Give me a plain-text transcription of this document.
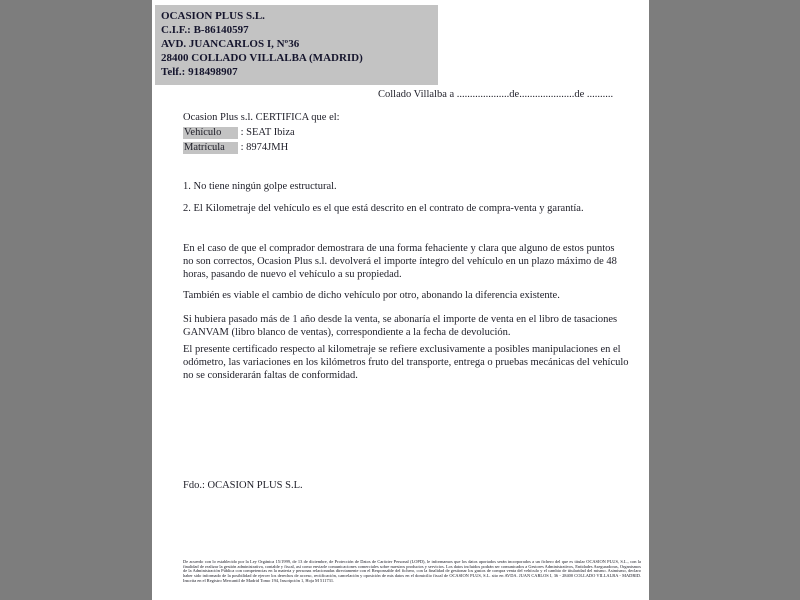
OCASION PLUS S.L.
C.I.F.: B-86140597
AVD. JUANCARLOS I, Nº36
28400 COLLADO VILLALBA (MADRID)
Telf.: 918498907
Collado Villalba a ....................de.....................de ..........
Ocasion Plus s.l. CERTIFICA que el:
Vehículo : SEAT Ibiza
Matrícula : 8974JMH
1. No tiene ningún golpe estructural.
2. El Kilometraje del vehículo es el que está descrito en el contrato de compra-venta y garantía.
En el caso de que el comprador demostrara de una forma fehaciente y clara que alguno de estos puntos no son correctos, Ocasion Plus s.l. devolverá el importe íntegro del vehículo en un plazo máximo de 48 horas, pasando de nuevo el vehículo a su propiedad.
También es viable el cambio de dicho vehículo por otro, abonando la diferencia existente.
Si hubiera pasado más de 1 año desde la venta, se abonaría el importe de venta en el libro de tasaciones GANVAM (libro blanco de ventas), correspondiente a la fecha de devolución.
El presente certificado respecto al kilometraje se refiere exclusivamente a posibles manipulaciones en el odómetro, las variaciones en los kilómetros fruto del transporte, entrega o pruebas mecánicas del vehículo no se considerarán faltas de conformidad.
Fdo.: OCASION PLUS S.L.
De acuerdo con lo establecido por la Ley Orgánica 15/1999, de 13 de diciembre, de Protección de Datos de Carácter Personal (LOPD), le informamos que los datos aportados serán incorporados a un fichero del que es titular OCASION PLUS, S.L., con la finalidad de realizar la gestión administrativa, contable y fiscal, así como enviarle comunicaciones comerciales sobre nuestros productos y servicios. Los datos incluidos podrán ser comunicados a Gestores Administrativos, Entidades Aseguradoras, Organismos de la Administración Pública con competencias en la materia y personas relacionadas directamente con el Responsable del fichero, con la finalidad de gestionar los gastos de compra venta del vehículo y el cambio de titularidad del mismo. Asimismo, declaro haber sido informado de la posibilidad de ejercer los derechos de acceso, rectificación, cancelación y oposición de mis datos en el domicilio fiscal de OCASION PLUS, S.L. sito en AVDA. JUAN CARLOS I, 36 - 28400 COLLADO VILLALBA - MADRID. Inscrita en el Registro Mercantil de Madrid Tomo 194, Inscripción 1, Hoja M 511731.
